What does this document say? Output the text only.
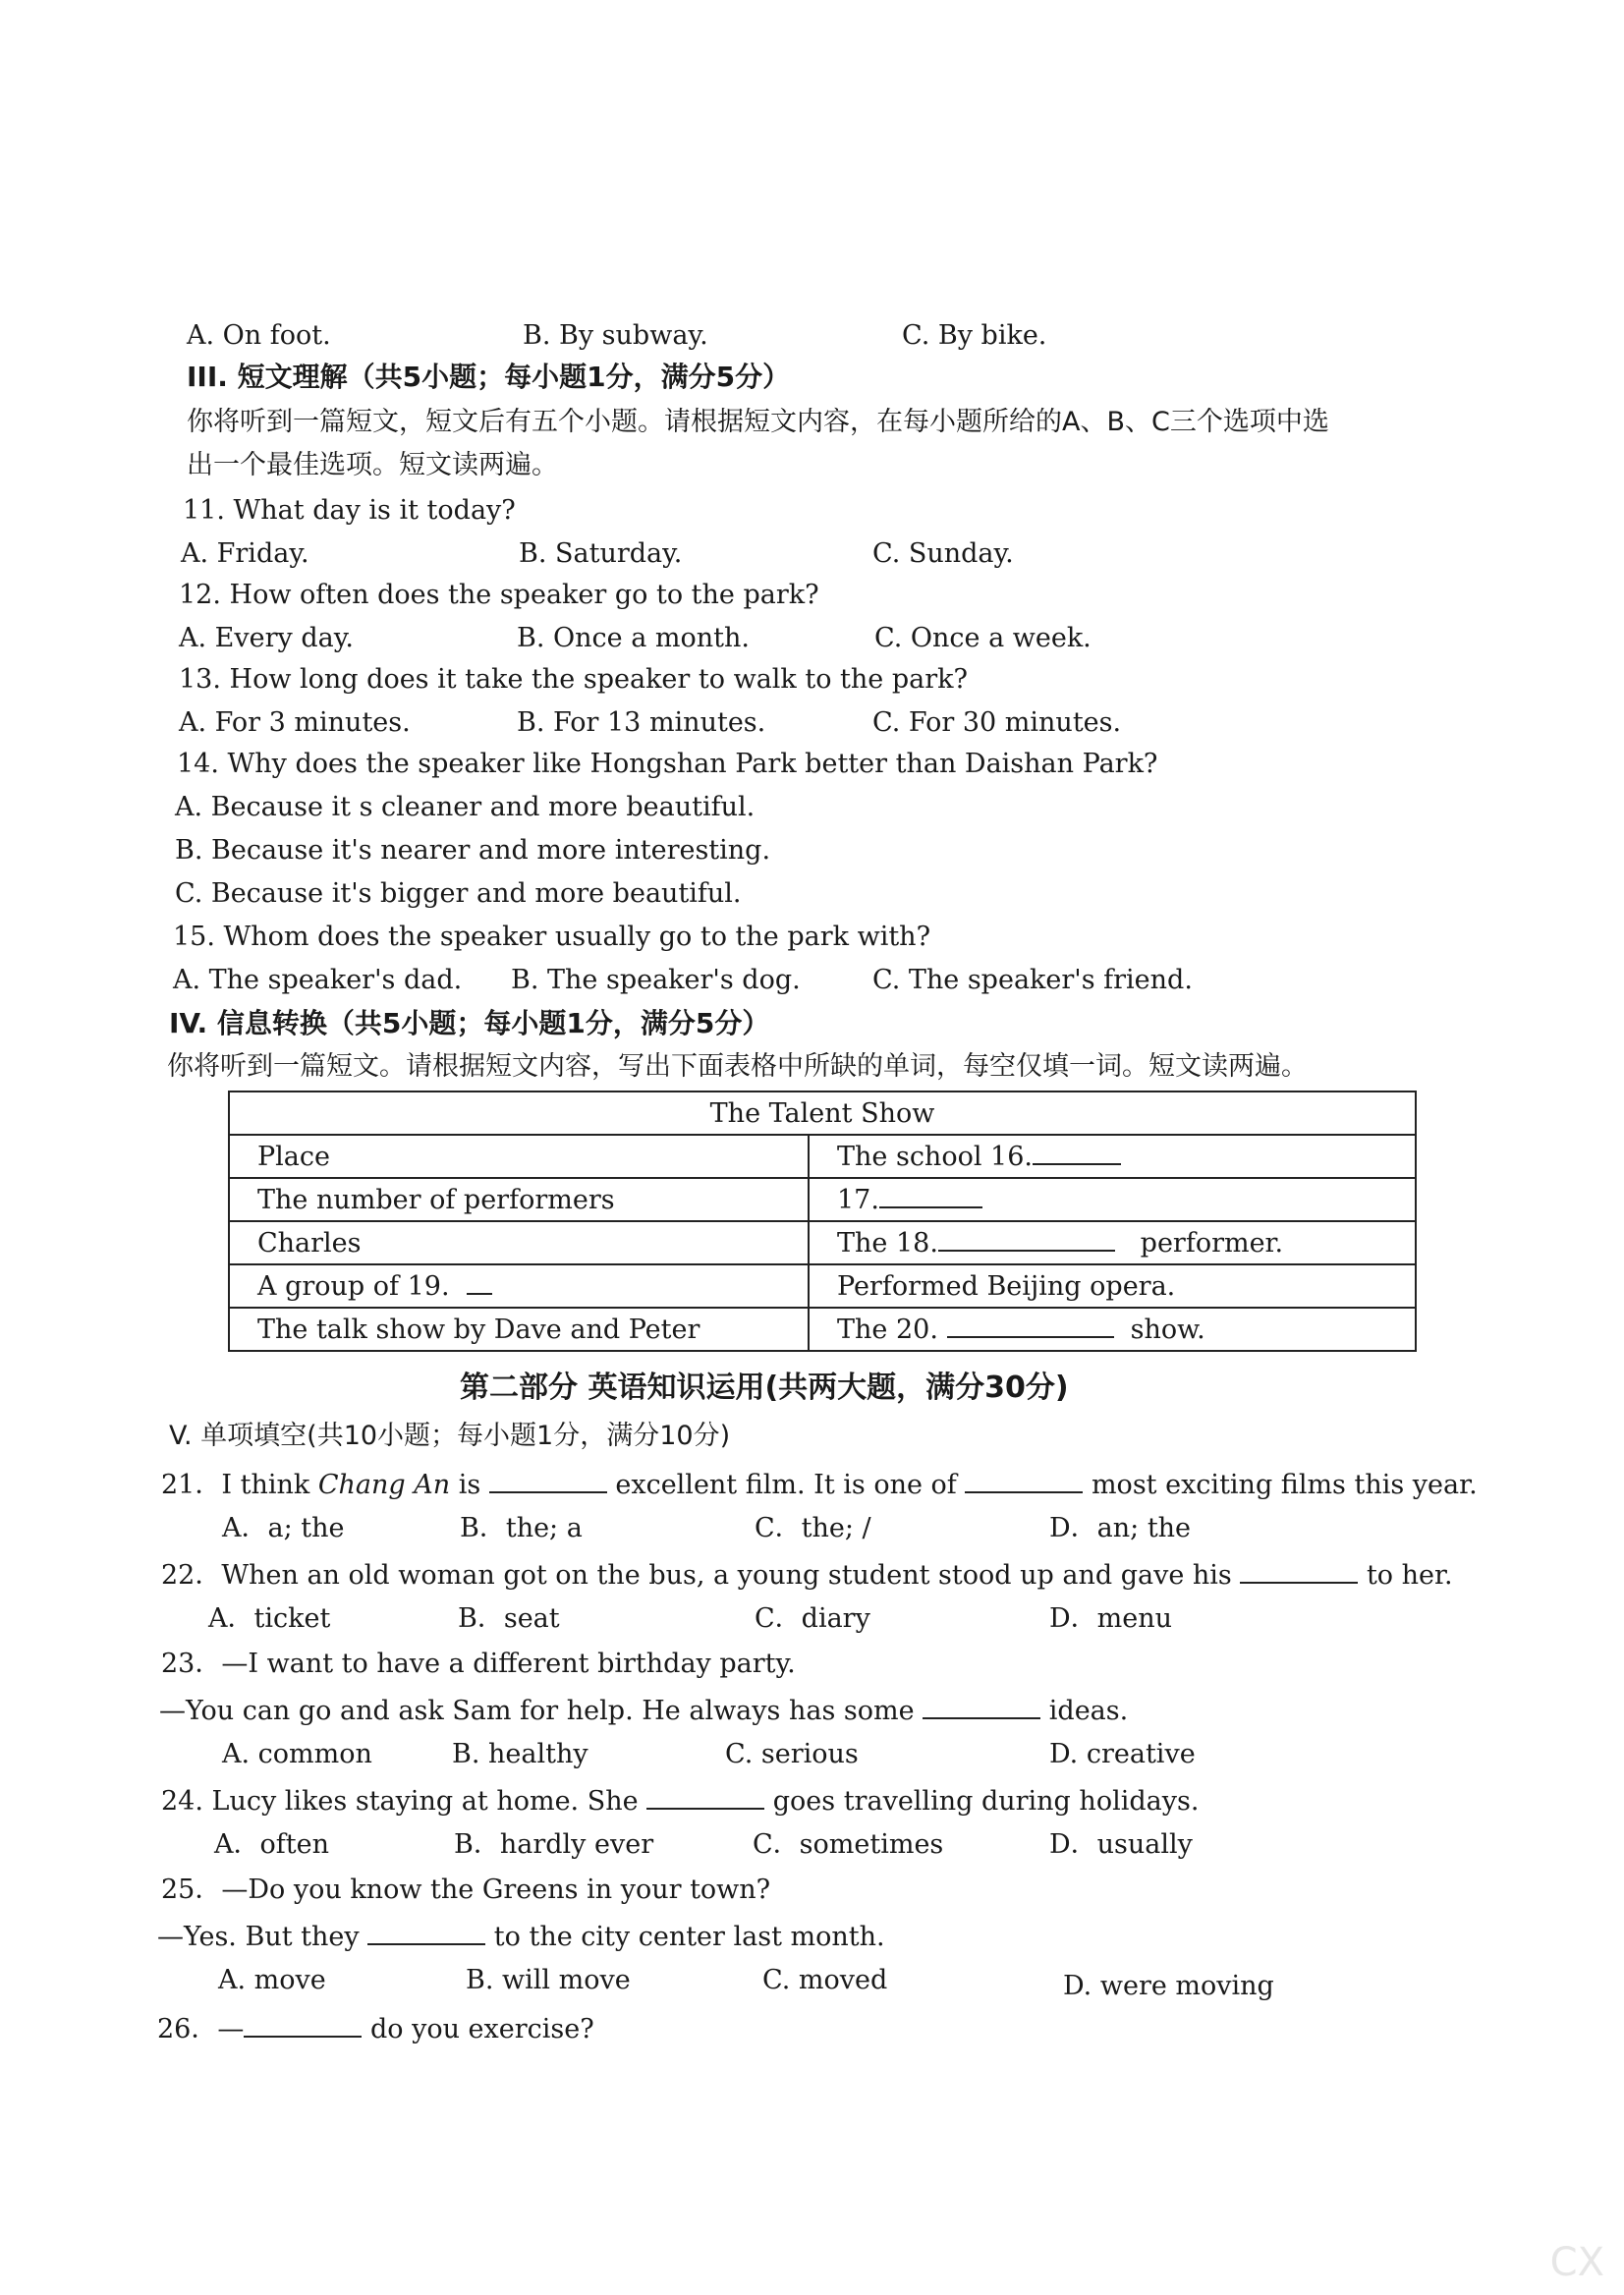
A. On foot.	B. By subway.	C. By bike.
III. 短文理解（共5小题；每小题1分，满分5分）
你将听到一篇短文，短文后有五个小题。请根据短文内容，在每小题所给的A、B、C三个选项中选
出一个最佳选项。短文读两遍。
11. What day is it today?
A. Friday.	B. Saturday.	C. Sunday.
12. How often does the speaker go to the park?
A. Every day.	B. Once a month.	C. Once a week.
13. How long does it take the speaker to walk to the park?
A. For 3 minutes.	B. For 13 minutes.	C. For 30 minutes.
14. Why does the speaker like Hongshan Park better than Daishan Park?
A. Because it s cleaner and more beautiful.
B. Because it's nearer and more interesting.
C. Because it's bigger and more beautiful.
15. Whom does the speaker usually go to the park with?
A. The speaker's dad. B. The speaker's dog.	C. The speaker's friend.
IV. 信息转换（共5小题；每小题1分，满分5分）
你将听到一篇短文。请根据短文内容，写出下面表格中所缺的单词，每空仅填一词。短文读两遍。
The Talent Show	
Place	The school 16.
The number of performers	17.
Charles	The 18. performer.
A group of 19.	Performed Beijing opera.
The talk show by Dave and Peter	The 20. show.
第二部分 英语知识运用(共两大题，满分30分)
V. 单项填空(共10小题；每小题1分，满分10分)
21．I think Chang An is	excellent film. It is one of	most exciting films this year.
A．a; the	B．the; a	C．the; /	D．an; the
22．When an old woman got on the bus, a young student stood up and gave his	to her.
A．ticket	B．seat	C．diary	D．menu
23．—I want to have a different birthday party.
—You can go and ask Sam for help. He always has some	ideas.
A. common	B. healthy	C. serious	D. creative
24. Lucy likes staying at home. She	goes travelling during holidays.
A．often	B．hardly ever	C．sometimes	D．usually
25．—Do you know the Greens in your town?
—Yes. But they	to the city center last month.
A. move	B. will move	C. moved	D. were moving
26．—	do you exercise?
CX
